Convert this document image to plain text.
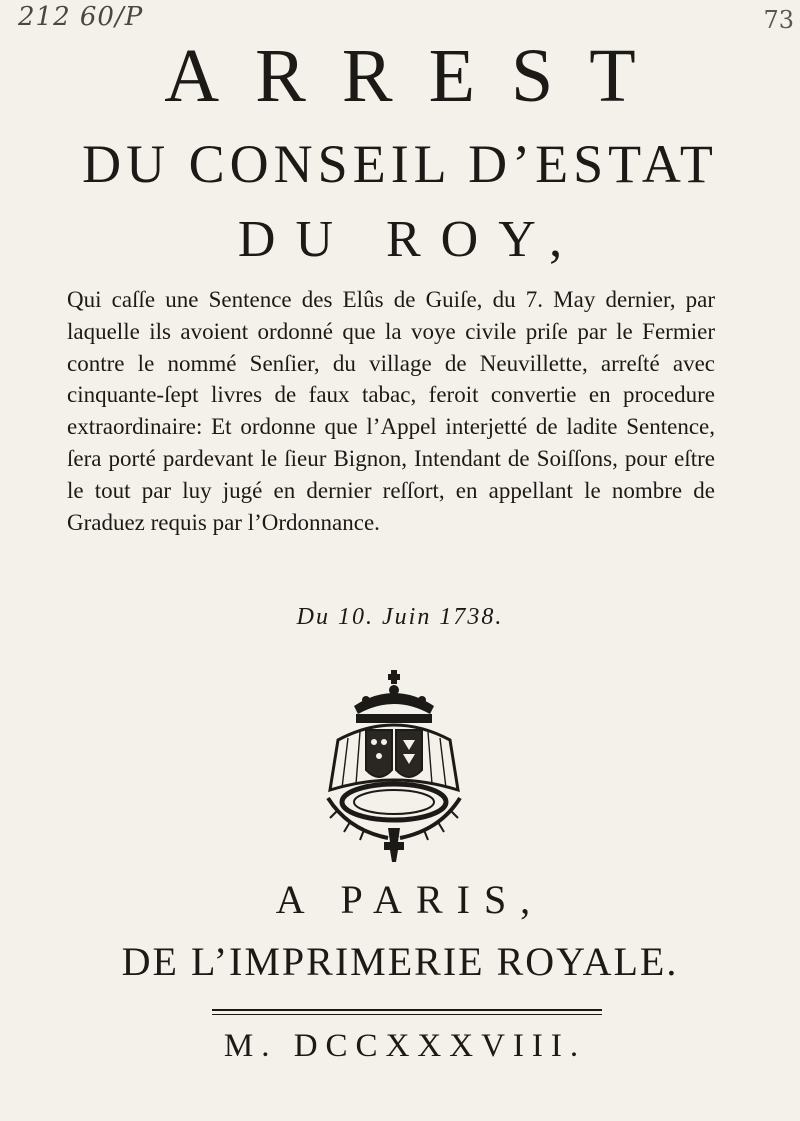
212 60/P	73
ARREST
DU CONSEIL D’ESTAT
DU ROY,
Qui caſſe une Sentence des Elûs de Guiſe, du 7. May dernier, par laquelle ils avoient ordonné que la voye civile priſe par le Fermier contre le nommé Senſier, du village de Neuvillette, arreſté avec cinquante-ſept livres de faux tabac, feroit convertie en procedure extraordinaire: Et ordonne que l’Appel interjetté de ladite Sentence, ſera porté pardevant le ſieur Bignon, Intendant de Soiſſons, pour eſtre le tout par luy jugé en dernier reſſort, en appellant le nombre de Graduez requis par l’Ordonnance.
Du 10. Juin 1738.
A PARIS,
DE L’IMPRIMERIE ROYALE.
M. DCCXXXVIII.
